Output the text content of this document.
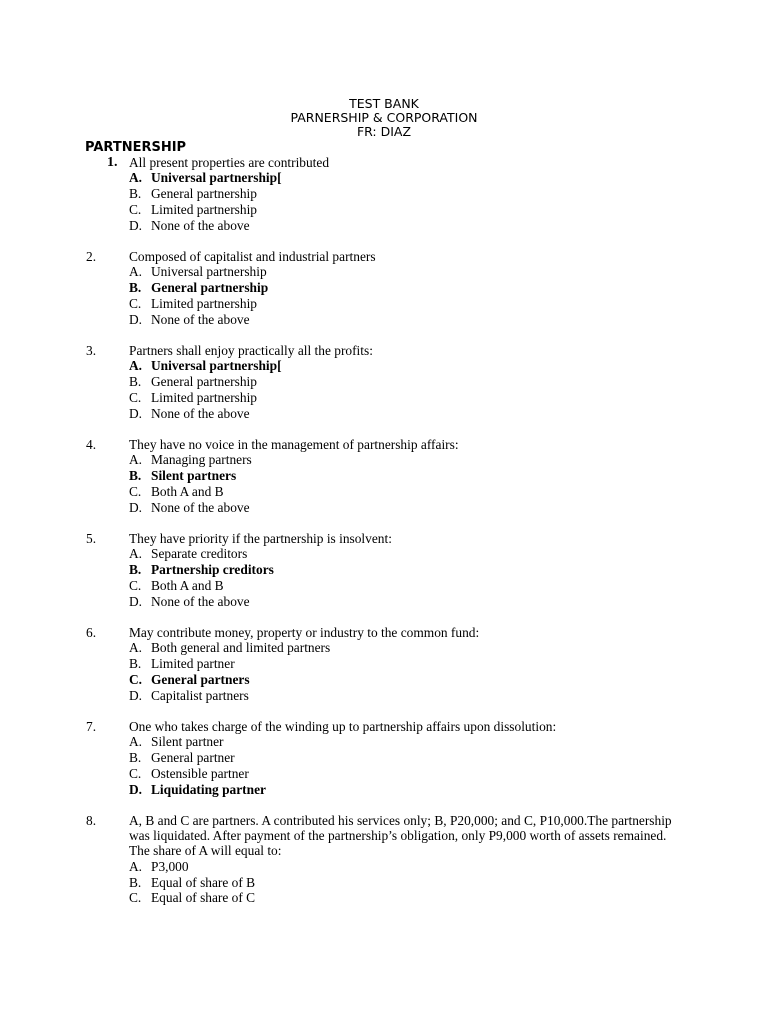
TEST BANK
PARNERSHIP & CORPORATION
FR: DIAZ
PARTNERSHIP
1. All present properties are contributed
A. Universal partnership[
B. General partnership
C. Limited partnership
D. None of the above
2. Composed of capitalist and industrial partners
A. Universal partnership
B. General partnership
C. Limited partnership
D. None of the above
3. Partners shall enjoy practically all the profits:
A. Universal partnership[
B. General partnership
C. Limited partnership
D. None of the above
4. They have no voice in the management of partnership affairs:
A. Managing partners
B. Silent partners
C. Both A and B
D. None of the above
5. They have priority if the partnership is insolvent:
A. Separate creditors
B. Partnership creditors
C. Both A and B
D. None of the above
6. May contribute money, property or industry to the common fund:
A. Both general and limited partners
B. Limited partner
C. General partners
D. Capitalist partners
7. One who takes charge of the winding up to partnership affairs upon dissolution:
A. Silent partner
B. General partner
C. Ostensible partner
D. Liquidating partner
8. A, B and C are partners. A contributed his services only; B, P20,000; and C, P10,000.The partnership was liquidated. After payment of the partnership’s obligation, only P9,000 worth of assets remained. The share of A will equal to:
A. P3,000
B. Equal of share of B
C. Equal of share of C
